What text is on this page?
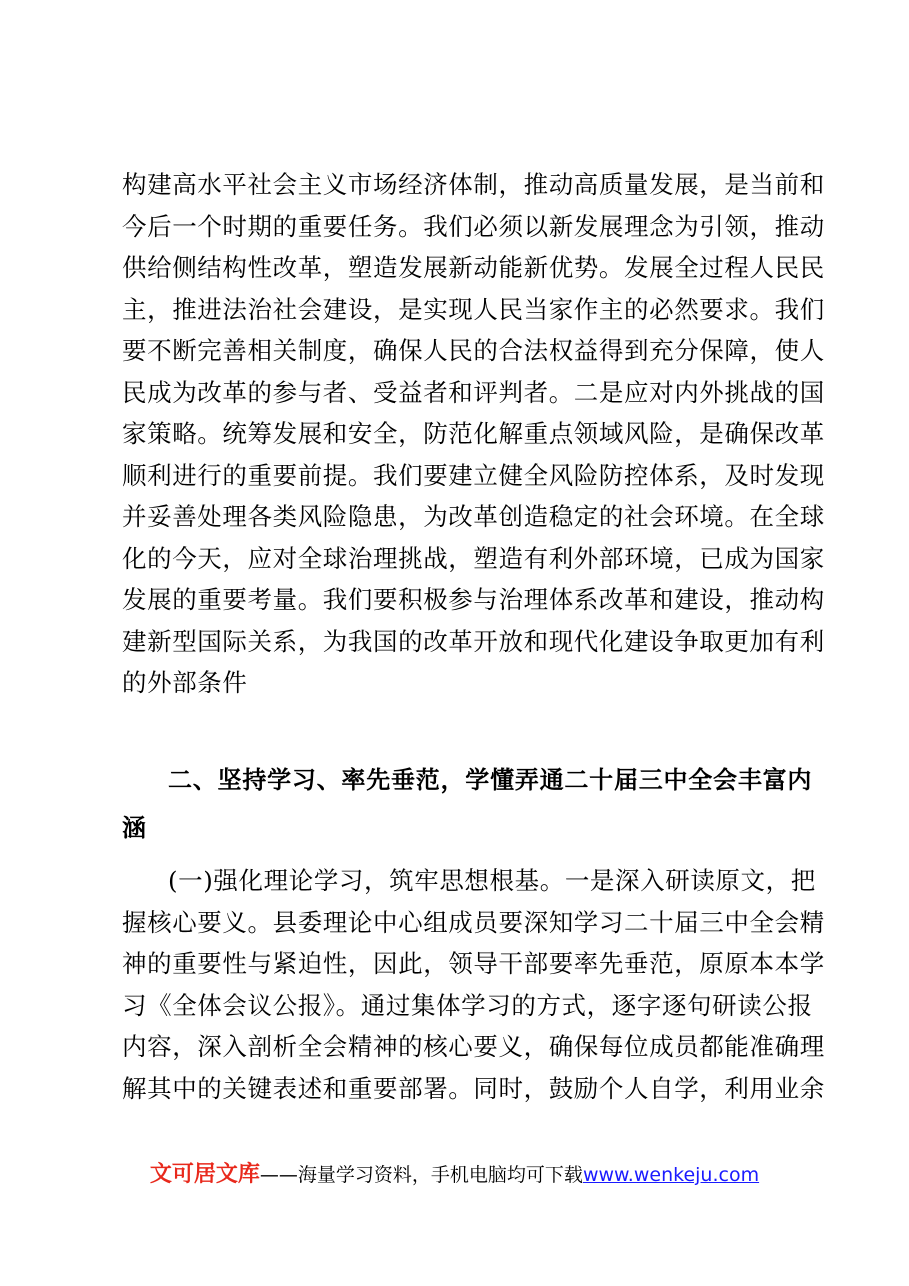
构建高水平社会主义市场经济体制，推动高质量发展，是当前和
今后一个时期的重要任务。我们必须以新发展理念为引领，推动
供给侧结构性改革，塑造发展新动能新优势。发展全过程人民民
主，推进法治社会建设，是实现人民当家作主的必然要求。我们
要不断完善相关制度，确保人民的合法权益得到充分保障，使人
民成为改革的参与者、受益者和评判者。二是应对内外挑战的国
家策略。统筹发展和安全，防范化解重点领域风险，是确保改革
顺利进行的重要前提。我们要建立健全风险防控体系，及时发现
并妥善处理各类风险隐患，为改革创造稳定的社会环境。在全球
化的今天，应对全球治理挑战，塑造有利外部环境，已成为国家
发展的重要考量。我们要积极参与治理体系改革和建设，推动构
建新型国际关系，为我国的改革开放和现代化建设争取更加有利
的外部条件
二、坚持学习、率先垂范，学懂弄通二十届三中全会丰富内
涵
(一)强化理论学习，筑牢思想根基。一是深入研读原文，把
握核心要义。县委理论中心组成员要深知学习二十届三中全会精
神的重要性与紧迫性，因此，领导干部要率先垂范，原原本本学
习《全体会议公报》。通过集体学习的方式，逐字逐句研读公报
内容，深入剖析全会精神的核心要义，确保每位成员都能准确理
解其中的关键表述和重要部署。同时，鼓励个人自学，利用业余
文可居文库——海量学习资料，手机电脑均可下载www.wenkeju.com
